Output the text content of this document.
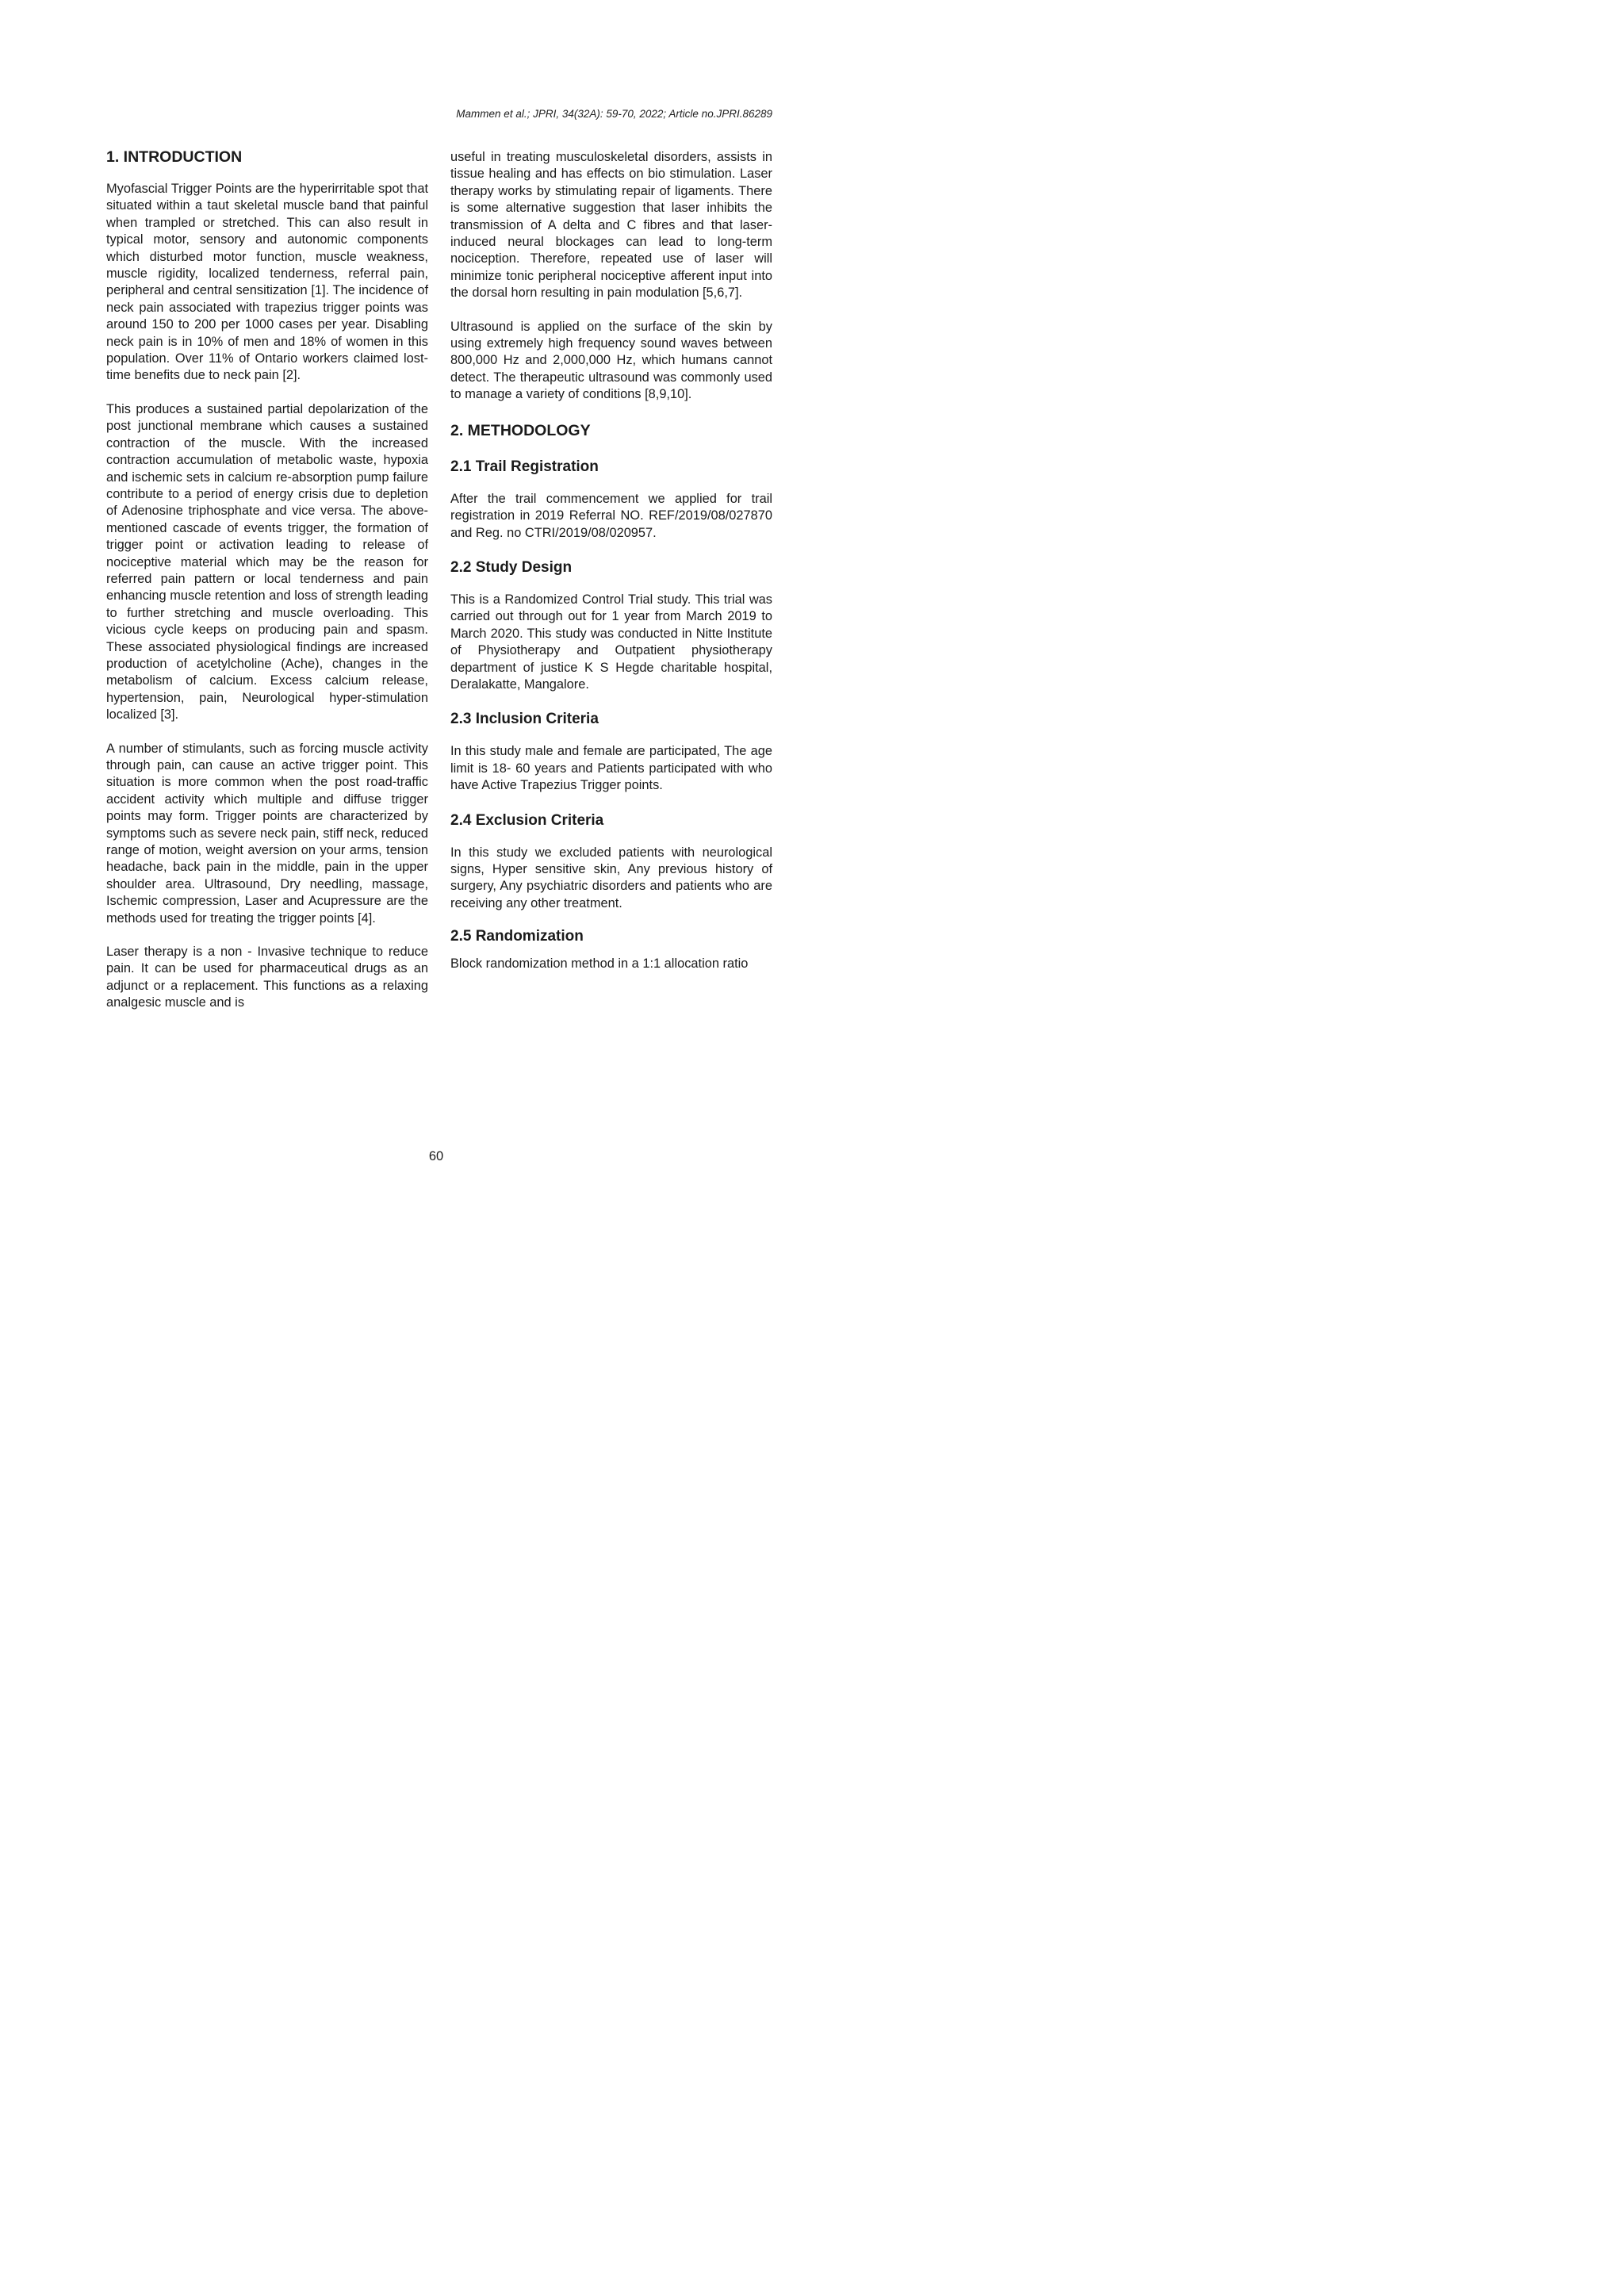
Mammen et al.; JPRI, 34(32A): 59-70, 2022; Article no.JPRI.86289
1. INTRODUCTION

Myofascial Trigger Points are the hyperirritable spot that situated within a taut skeletal muscle band that painful when trampled or stretched. This can also result in typical motor, sensory and autonomic components which disturbed motor function, muscle weakness, muscle rigidity, localized tenderness, referral pain, peripheral and central sensitization [1]. The incidence of neck pain associated with trapezius trigger points was around 150 to 200 per 1000 cases per year. Disabling neck pain is in 10% of men and 18% of women in this population. Over 11% of Ontario workers claimed lost-time benefits due to neck pain [2].

This produces a sustained partial depolarization of the post junctional membrane which causes a sustained contraction of the muscle. With the increased contraction accumulation of metabolic waste, hypoxia and ischemic sets in calcium re-absorption pump failure contribute to a period of energy crisis due to depletion of Adenosine triphosphate and vice versa. The above-mentioned cascade of events trigger, the formation of trigger point or activation leading to release of nociceptive material which may be the reason for referred pain pattern or local tenderness and pain enhancing muscle retention and loss of strength leading to further stretching and muscle overloading. This vicious cycle keeps on producing pain and spasm. These associated physiological findings are increased production of acetylcholine (Ache), changes in the metabolism of calcium. Excess calcium release, hypertension, pain, Neurological hyper-stimulation localized [3].

A number of stimulants, such as forcing muscle activity through pain, can cause an active trigger point. This situation is more common when the post road-traffic accident activity which multiple and diffuse trigger points may form. Trigger points are characterized by symptoms such as severe neck pain, stiff neck, reduced range of motion, weight aversion on your arms, tension headache, back pain in the middle, pain in the upper shoulder area. Ultrasound, Dry needling, massage, Ischemic compression, Laser and Acupressure are the methods used for treating the trigger points [4].

Laser therapy is a non - Invasive technique to reduce pain. It can be used for pharmaceutical drugs as an adjunct or a replacement. This functions as a relaxing analgesic muscle and is

useful in treating musculoskeletal disorders, assists in tissue healing and has effects on bio stimulation. Laser therapy works by stimulating repair of ligaments. There is some alternative suggestion that laser inhibits the transmission of A delta and C fibres and that laser-induced neural blockages can lead to long-term nociception. Therefore, repeated use of laser will minimize tonic peripheral nociceptive afferent input into the dorsal horn resulting in pain modulation [5,6,7].

Ultrasound is applied on the surface of the skin by using extremely high frequency sound waves between 800,000 Hz and 2,000,000 Hz, which humans cannot detect. The therapeutic ultrasound was commonly used to manage a variety of conditions [8,9,10].

2. METHODOLOGY
2.1 Trail Registration

After the trail commencement we applied for trail registration in 2019 Referral NO. REF/2019/08/027870 and Reg. no CTRI/2019/08/020957.

2.2 Study Design

This is a Randomized Control Trial study. This trial was carried out through out for 1 year from March 2019 to March 2020. This study was conducted in Nitte Institute of Physiotherapy and Outpatient physiotherapy department of justice K S Hegde charitable hospital, Deralakatte, Mangalore.

2.3 Inclusion Criteria

In this study male and female are participated, The age limit is 18- 60 years and Patients participated with who have Active Trapezius Trigger points.

2.4 Exclusion Criteria

In this study we excluded patients with neurological signs, Hyper sensitive skin, Any previous history of surgery, Any psychiatric disorders and patients who are receiving any other treatment.

2.5 Randomization

Block randomization method in a 1:1 allocation ratio

60
